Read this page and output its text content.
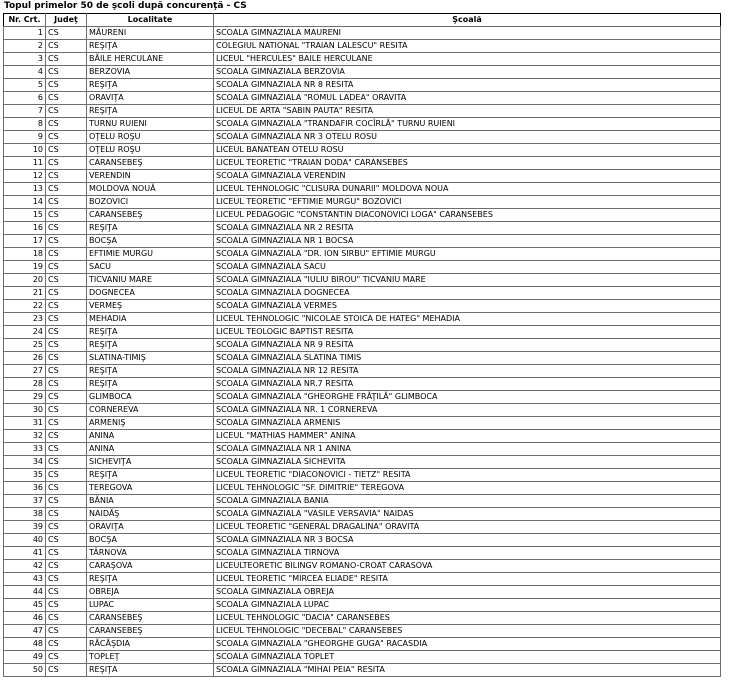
Topul primelor 50 de şcoli după concurenţă - CS
Nr. Crt.	Judeţ	Localitate	Şcoală
1	CS	MĂURENI	SCOALA GIMNAZIALA MAURENI
2	CS	REŞIŢA	COLEGIUL NATIONAL "TRAIAN LALESCU" RESITA
3	CS	BĂILE HERCULANE	LICEUL "HERCULES" BAILE HERCULANE
4	CS	BERZOVIA	SCOALA GIMNAZIALA BERZOVIA
5	CS	REŞIŢA	SCOALA GIMNAZIALA NR 8 RESITA
6	CS	ORAVIŢA	SCOALA GIMNAZIALA "ROMUL LADEA" ORAVITA
7	CS	REŞIŢA	LICEUL DE ARTA "SABIN PAUTA" RESITA
8	CS	TURNU RUIENI	SCOALA GIMNAZIALA "TRANDAFIR COCÎRLĂ" TURNU RUIENI
9	CS	OŢELU ROŞU	SCOALA GIMNAZIALA NR 3 OTELU ROSU
10	CS	OŢELU ROŞU	LICEUL BANATEAN OTELU ROSU
11	CS	CARANSEBEŞ	LICEUL TEORETIC "TRAIAN DODA" CARANSEBES
12	CS	VERENDIN	SCOALA GIMNAZIALA VERENDIN
13	CS	MOLDOVA NOUĂ	LICEUL TEHNOLOGIC "CLISURA DUNARII" MOLDOVA NOUA
14	CS	BOZOVICI	LICEUL TEORETIC "EFTIMIE MURGU" BOZOVICI
15	CS	CARANSEBEŞ	LICEUL PEDAGOGIC "CONSTANTIN DIACONOVICI LOGA" CARANSEBES
16	CS	REŞIŢA	SCOALA GIMNAZIALA NR 2 RESITA
17	CS	BOCŞA	SCOALA GIMNAZIALA NR 1 BOCSA
18	CS	EFTIMIE MURGU	SCOALA GIMNAZIALA "DR. ION SIRBU" EFTIMIE MURGU
19	CS	SACU	SCOALA GIMNAZIALA SACU
20	CS	TICVANIU MARE	SCOALA GIMNAZIALA "IULIU BIROU" TICVANIU MARE
21	CS	DOGNECEA	SCOALA GIMNAZIALA DOGNECEA
22	CS	VERMEŞ	SCOALA GIMNAZIALA VERMES
23	CS	MEHADIA	LICEUL TEHNOLOGIC "NICOLAE STOICA DE HATEG" MEHADIA
24	CS	REŞIŢA	LICEUL TEOLOGIC BAPTIST RESITA
25	CS	REŞIŢA	SCOALA GIMNAZIALA NR 9 RESITA
26	CS	SLATINA-TIMIŞ	SCOALA GIMNAZIALA SLATINA TIMIS
27	CS	REŞIŢA	SCOALA GIMNAZIALA NR 12 RESITA
28	CS	REŞIŢA	SCOALA GIMNAZIALA NR.7 RESITA
29	CS	GLIMBOCA	SCOALA GIMNAZIALA "GHEORGHE FRĂŢILĂ" GLIMBOCA
30	CS	CORNEREVA	SCOALA GIMNAZIALA NR. 1 CORNEREVA
31	CS	ARMENIŞ	SCOALA GIMNAZIALA ARMENIS
32	CS	ANINA	LICEUL "MATHIAS HAMMER" ANINA
33	CS	ANINA	SCOALA GIMNAZIALA NR 1 ANINA
34	CS	SICHEVIŢA	SCOALA GIMNAZIALA SICHEVITA
35	CS	REŞIŢA	LICEUL TEORETIC "DIACONOVICI - TIETZ" RESITA
36	CS	TEREGOVA	LICEUL TEHNOLOGIC "SF. DIMITRIE" TEREGOVA
37	CS	BĂNIA	SCOALA GIMNAZIALA BANIA
38	CS	NAIDĂŞ	SCOALA GIMNAZIALA "VASILE VERSAVIA" NAIDAS
39	CS	ORAVIŢA	LICEUL TEORETIC "GENERAL DRAGALINA" ORAVITA
40	CS	BOCŞA	SCOALA GIMNAZIALA NR 3 BOCSA
41	CS	TÂRNOVA	SCOALA GIMNAZIALA TIRNOVA
42	CS	CARAŞOVA	LICEULTEORETIC BILINGV ROMANO-CROAT CARASOVA
43	CS	REŞIŢA	LICEUL TEORETIC "MIRCEA ELIADE" RESITA
44	CS	OBREJA	SCOALA GIMNAZIALA OBREJA
45	CS	LUPAC	SCOALA GIMNAZIALA LUPAC
46	CS	CARANSEBEŞ	LICEUL TEHNOLOGIC "DACIA" CARANSEBES
47	CS	CARANSEBEŞ	LICEUL TEHNOLOGIC "DECEBAL" CARANSEBES
48	CS	RĂCĂŞDIA	SCOALA GIMNAZIALA "GHEORGHE GUGA" RACASDIA
49	CS	TOPLEŢ	SCOALA GIMNAZIALA TOPLET
50	CS	REŞIŢA	SCOALA GIMNAZIALA "MIHAI PEIA" RESITA
